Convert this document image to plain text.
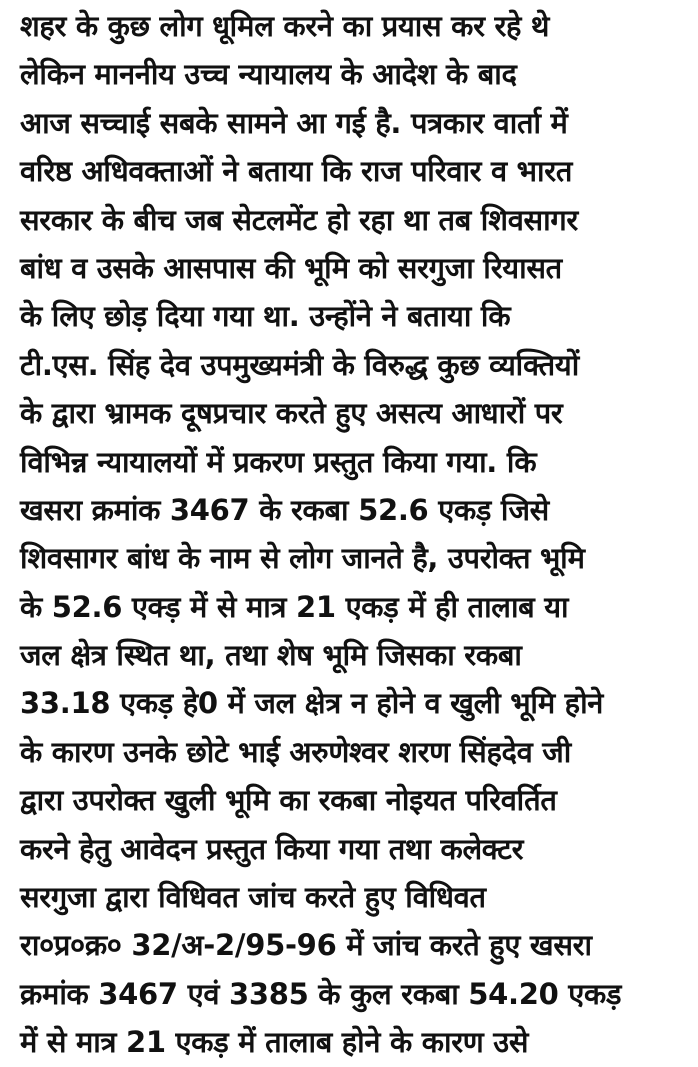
शहर के कुछ लोग धूमिल करने का प्रयास कर रहे थे
लेकिन माननीय उच्च न्यायालय के आदेश के बाद
आज सच्चाई सबके सामने आ गई है. पत्रकार वार्ता में
वरिष्ठ अधिवक्ताओं ने बताया कि राज परिवार व भारत
सरकार के बीच जब सेटलमेंट हो रहा था तब शिवसागर
बांध व उसके आसपास की भूमि को सरगुजा रियासत
के लिए छोड़ दिया गया था. उन्होंने ने बताया कि
टी.एस. सिंह देव उपमुख्यमंत्री के विरुद्ध कुछ व्यक्तियों
के द्वारा भ्रामक दूषप्रचार करते हुए असत्य आधारों पर
विभिन्न न्यायालयों में प्रकरण प्रस्तुत किया गया. कि
खसरा क्रमांक 3467 के रकबा 52.6 एकड़ जिसे
शिवसागर बांध के नाम से लोग जानते है, उपरोक्त भूमि
के 52.6 एक्ड़ में से मात्र 21 एकड़ में ही तालाब या
जल क्षेत्र स्थित था, तथा शेष भूमि जिसका रकबा
33.18 एकड़ हे0 में जल क्षेत्र न होने व खुली भूमि होने
के कारण उनके छोटे भाई अरुणेश्वर शरण सिंहदेव जी
द्वारा उपरोक्त खुली भूमि का रकबा नोइयत परिवर्तित
करने हेतु आवेदन प्रस्तुत किया गया तथा कलेक्टर
सरगुजा द्वारा विधिवत जांच करते हुए विधिवत
रा०प्र०क्र० 32/अ-2/95-96 में जांच करते हुए खसरा
क्रमांक 3467 एवं 3385 के कुल रकबा 54.20 एकड़
में से मात्र 21 एकड़ में तालाब होने के कारण उसे
